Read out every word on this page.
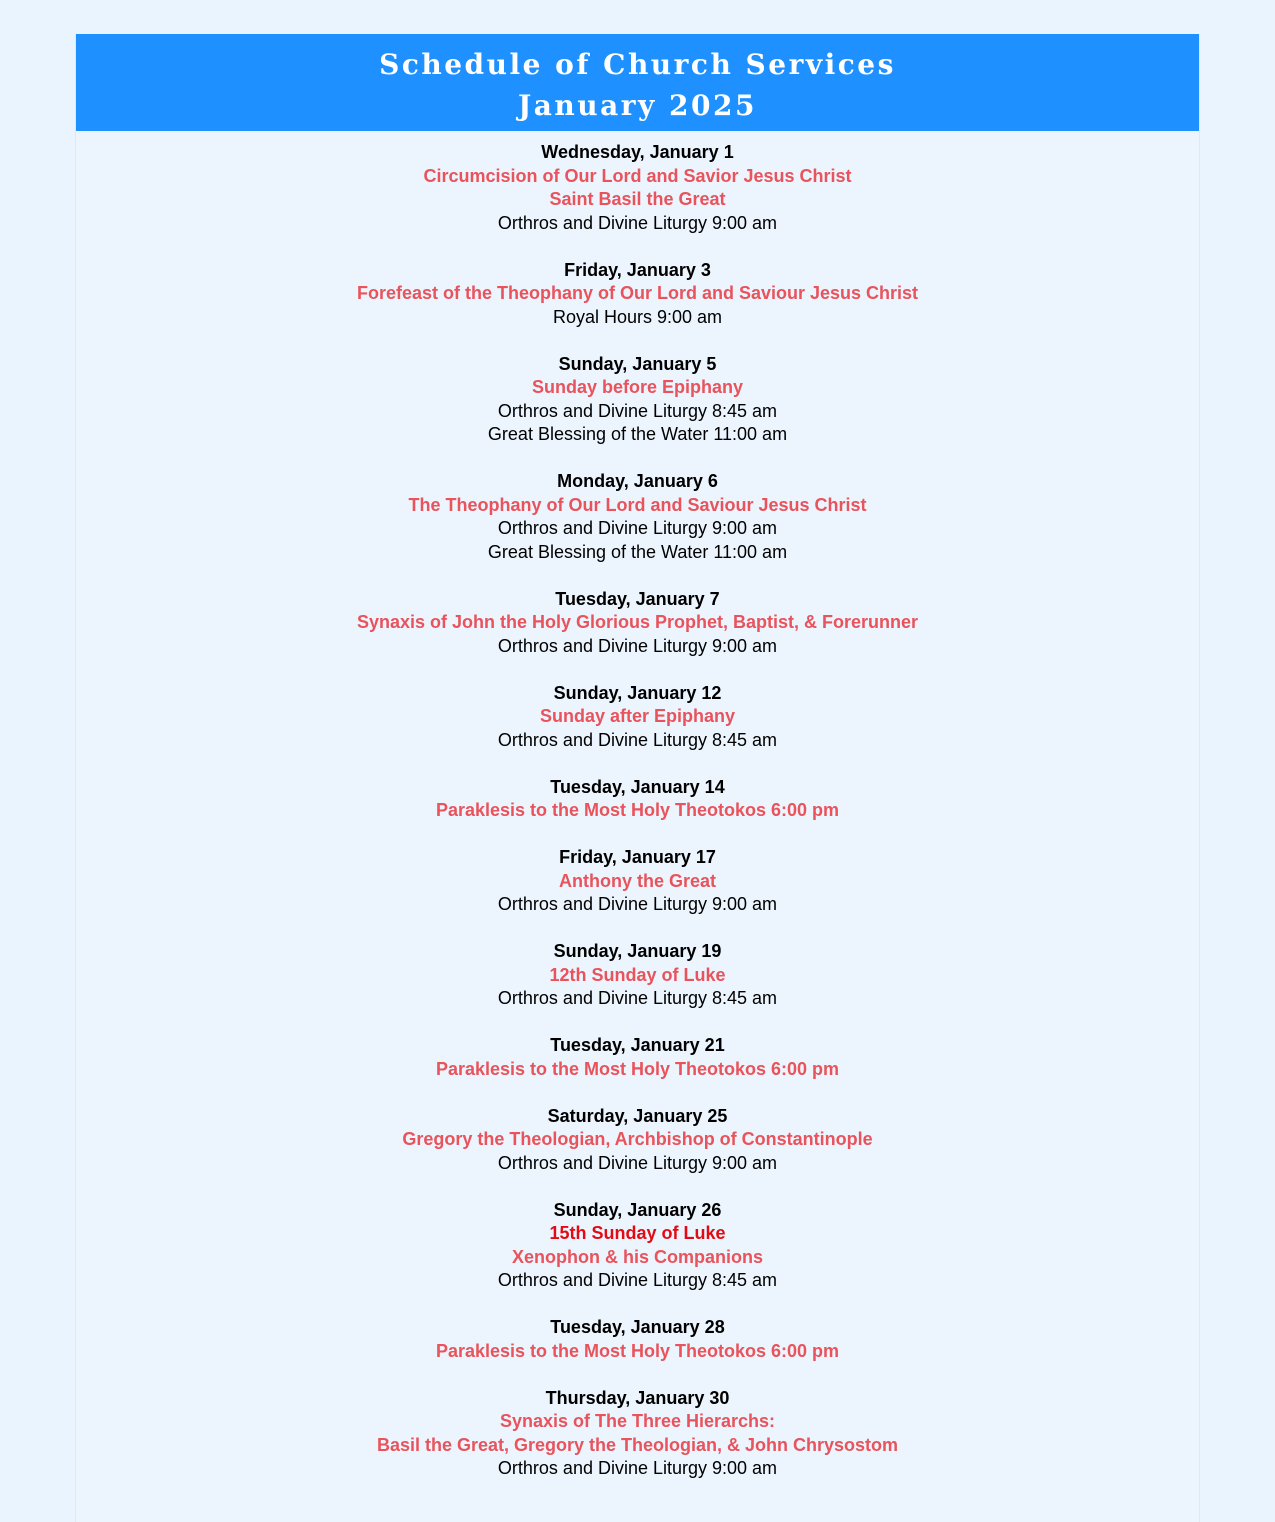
Schedule of Church Services
January 2025
Wednesday, January 1
Circumcision of Our Lord and Savior Jesus Christ
Saint Basil the Great
Orthros and Divine Liturgy 9:00 am
Friday, January 3
Forefeast of the Theophany of Our Lord and Saviour Jesus Christ
Royal Hours 9:00 am
Sunday, January 5
Sunday before Epiphany
Orthros and Divine Liturgy 8:45 am
Great Blessing of the Water 11:00 am
Monday, January 6
The Theophany of Our Lord and Saviour Jesus Christ
Orthros and Divine Liturgy 9:00 am
Great Blessing of the Water 11:00 am
Tuesday, January 7
Synaxis of John the Holy Glorious Prophet, Baptist, & Forerunner
Orthros and Divine Liturgy 9:00 am
Sunday, January 12
Sunday after Epiphany
Orthros and Divine Liturgy 8:45 am
Tuesday, January 14
Paraklesis to the Most Holy Theotokos 6:00 pm
Friday, January 17
Anthony the Great
Orthros and Divine Liturgy 9:00 am
Sunday, January 19
12th Sunday of Luke
Orthros and Divine Liturgy 8:45 am
Tuesday, January 21
Paraklesis to the Most Holy Theotokos 6:00 pm
Saturday, January 25
Gregory the Theologian, Archbishop of Constantinople
Orthros and Divine Liturgy 9:00 am
Sunday, January 26
15th Sunday of Luke
Xenophon & his Companions
Orthros and Divine Liturgy 8:45 am
Tuesday, January 28
Paraklesis to the Most Holy Theotokos 6:00 pm
Thursday, January 30
Synaxis of The Three Hierarchs:
Basil the Great, Gregory the Theologian, & John Chrysostom
Orthros and Divine Liturgy 9:00 am
